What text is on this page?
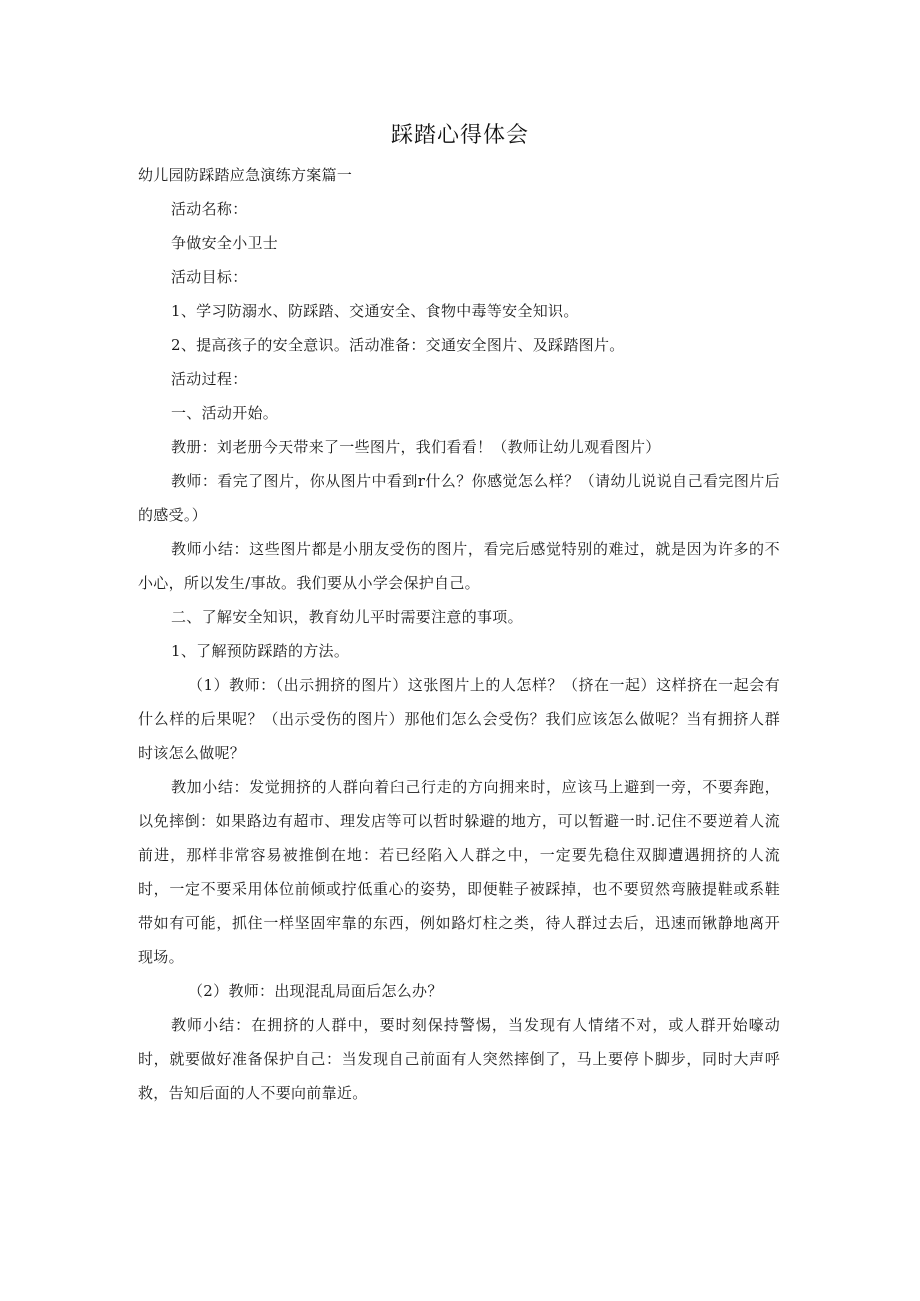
踩踏心得体会

幼儿园防踩踏应急演练方案篇一

活动名称：

争做安全小卫士

活动目标：

1、学习防溺水、防踩踏、交通安全、食物中毒等安全知识。

2、提高孩子的安全意识。活动准备：交通安全图片、及踩踏图片。

活动过程：

一、活动开始。

教册：刘老册今天带来了一些图片，我们看看！（教师让幼儿观看图片）

教师：看完了图片，你从图片中看到r什么？你感觉怎么样？（请幼儿说说自己看完图片后的感受。）

教师小结：这些图片都是小朋友受伤的图片，看完后感觉特别的难过，就是因为许多的不小心，所以发生/事故。我们要从小学会保护自己。

二、了解安全知识，教育幼儿平时需要注意的事项。

1、了解预防踩踏的方法。

（1）教师：（出示拥挤的图片）这张图片上的人怎样？（挤在一起）这样挤在一起会有什么样的后果呢？（出示受伤的图片）那他们怎么会受伤？我们应该怎么做呢？当有拥挤人群时该怎么做呢？

教加小结：发觉拥挤的人群向着臼己行走的方向拥来时，应该马上避到一旁，不要奔跑，以免摔倒：如果路边有超市、理发店等可以哲时躲避的地方，可以暂避一时.记住不要逆着人流前进，那样非常容易被推倒在地：若已经陷入人群之中，一定要先稳住双脚遭遇拥挤的人流时，一定不要采用体位前倾或拧低重心的姿势，即便鞋子被踩掉，也不要贸然弯腋提鞋或系鞋带如有可能，抓住一样坚固牢靠的东西，例如路灯柱之类，待人群过去后，迅速而锹静地离开现场。

（2）教师：出现混乱局面后怎么办？

教师小结：在拥挤的人群中，要时刻保持警惕，当发现有人情绪不对，或人群开始嚎动时，就要做好准备保护自己：当发现自己前面有人突然摔倒了，马上要停卜脚步，同时大声呼救，告知后面的人不要向前靠近。
